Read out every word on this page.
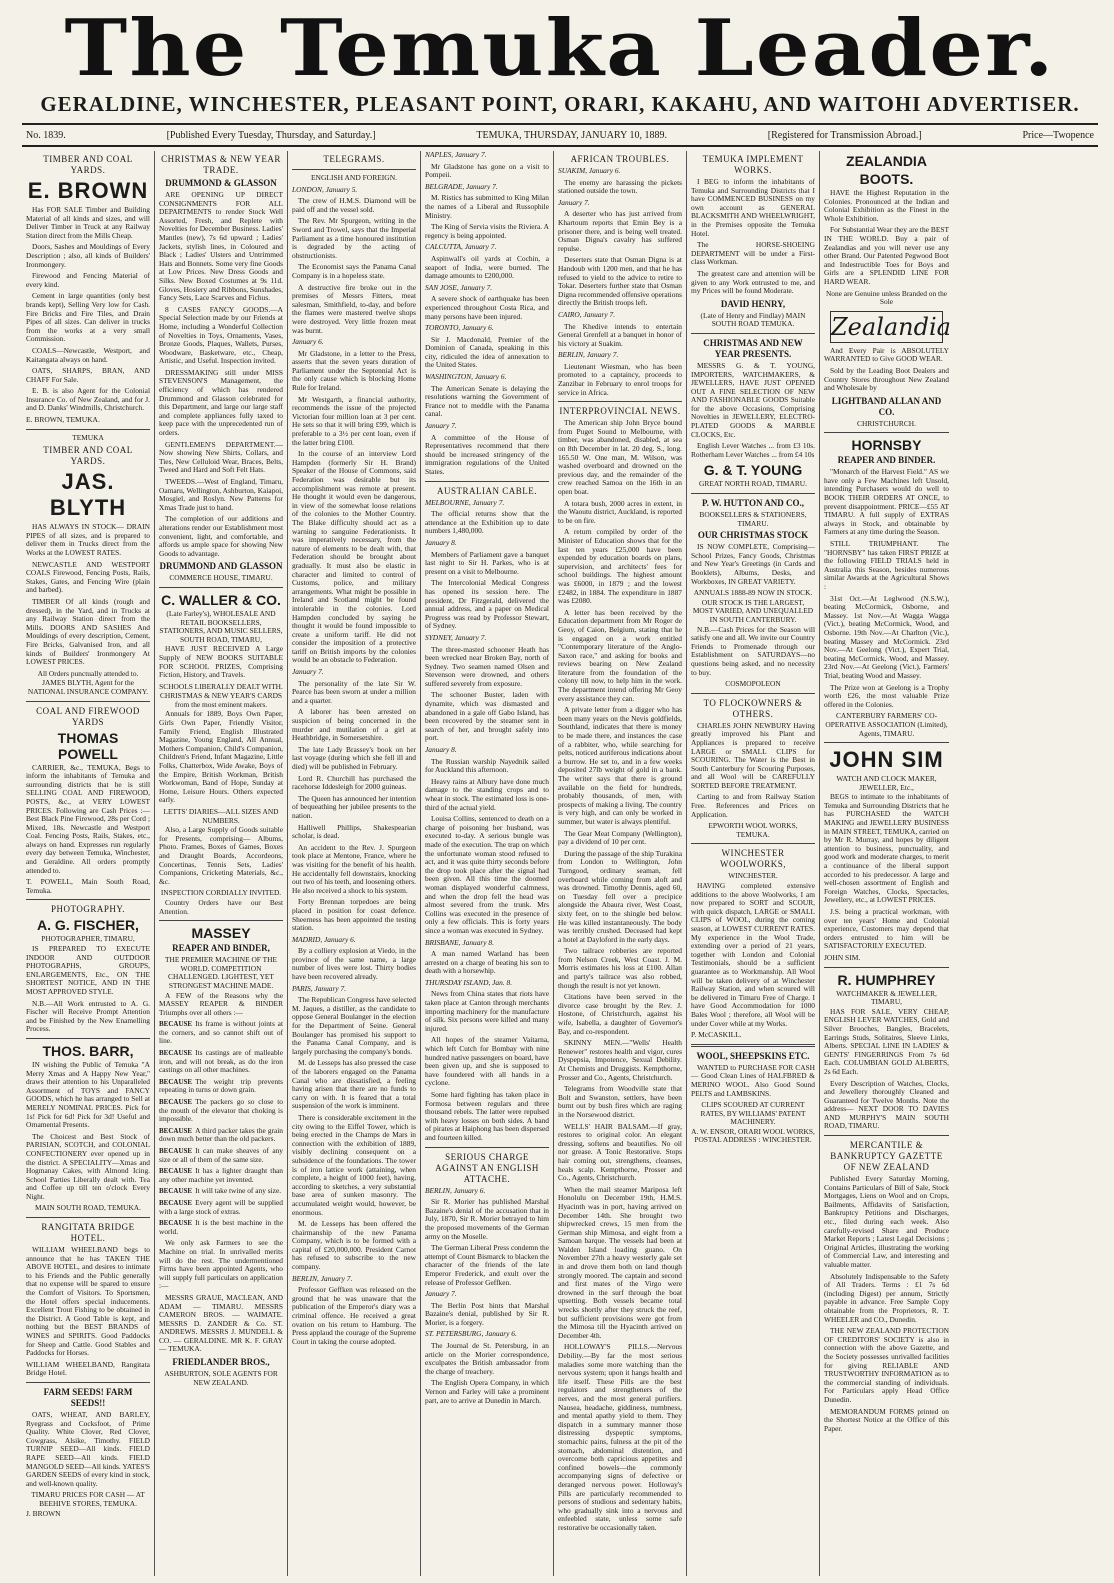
The Temuka Leader.
GERALDINE, WINCHESTER, PLEASANT POINT, ORARI, KAKAHU, AND WAITOHI ADVERTISER.
No. 1839.	[Published Every Tuesday, Thursday, and Saturday.]	TEMUKA, THURSDAY, JANUARY 10, 1889.	[Registered for Transmission Abroad.]	Price—Twopence
TIMBER AND COAL YARDS.
E. BROWN

Has FOR SALE Timber and Building Material of all kinds and sizes, and will Deliver Timber in Truck at any Railway Station direct from the Mills Cheap.

Doors, Sashes and Mouldings of Every Description ; also, all kinds of Builders' Ironmongery.

Firewood and Fencing Material of every kind.

Cement in large quantities (only best brands kept), Selling Very low for Cash. Fire Bricks and Fire Tiles, and Drain Pipes of all sizes. Can deliver in trucks from the works at a very small Commission.

COALS—Newcastle, Westport, and Kaitangata always on hand.

OATS, SHARPS, BRAN, AND CHAFF For Sale.

E. B. is also Agent for the Colonial Insurance Co. of New Zealand, and for J. and D. Danks' Windmills, Christchurch.

E. BROWN, TEMUKA.

TEMUKA

TIMBER AND COAL YARDS.
JAS. BLYTH

HAS ALWAYS IN STOCK— DRAIN PIPES of all sizes, and is prepared to deliver them in Trucks direct from the Works at the LOWEST RATES.

NEWCASTLE AND WESTPORT COALS Firewood, Fencing Posts, Rails, Stakes, Gates, and Fencing Wire (plain and barbed).

TIMBER Of all kinds (rough and dressed), in the Yard, and in Trucks at any Railway Station direct from the Mills. DOORS AND SASHES And Mouldings of every description, Cement, Fire Bricks, Galvanised Iron, and all kinds of Builders' Ironmongery At LOWEST PRICES.

All Orders punctually attended to.

JAMES BLYTH, Agent for the NATIONAL INSURANCE COMPANY.

COAL AND FIREWOOD YARDS
THOMAS POWELL

CARRIER, &c., TEMUKA, Begs to inform the inhabitants of Temuka and surrounding districts that he is still SELLING COAL AND FIREWOOD, POSTS, &c., at VERY LOWEST PRICES. Following are Cash Prices :—Best Black Pine Firewood, 28s per Cord ; Mixed, 18s. Newcastle and Westport Coal. Fencing Posts, Rails, Stakes, etc., always on hand. Expresses run regularly every day between Temuka, Winchester, and Geraldine. All orders promptly attended to.

T. POWELL, Main South Road, Temuka.

PHOTOGRAPHY.
A. G. FISCHER,

PHOTOGRAPHER, TIMARU,

IS PREPARED TO EXECUTE INDOOR AND OUTDOOR PHOTOGRAPHS, GROUPS, ENLARGEMENTS, Etc., ON THE SHORTEST NOTICE, AND IN THE MOST APPROVED STYLE.

N.B.—All Work entrusted to A. G. Fischer will Receive Prompt Attention and be Finished by the New Enamelling Process.

THOS. BARR,

IN wishing the Public of Temuka "A Merry Xmas and A Happy New Year," draws their attention to his Unparalleled Assortment of TOYS and FANCY GOODS, which he has arranged to Sell at MERELY NOMINAL PRICES. Pick for 1s! Pick for 6d! Pick for 3d! Useful and Ornamental Presents.

The Choicest and Best Stock of PARISIAN, SCOTCH, and COLONIAL CONFECTIONERY ever opened up in the district. A SPECIALITY—Xmas and Hogmanay Cakes, with Almond Icing. School Parties Liberally dealt with. Tea and Coffee up till ten o'clock Every Night.

MAIN SOUTH ROAD, TEMUKA.

RANGITATA BRIDGE HOTEL.

WILLIAM WHEELBAND begs to announce that he has TAKEN THE ABOVE HOTEL, and desires to intimate to his Friends and the Public generally that no expense will be spared to ensure the Comfort of Visitors. To Sportsmen, the Hotel offers special inducements. Excellent Trout Fishing to be obtained in the District. A Good Table is kept, and nothing but the BEST BRANDS of WINES and SPIRITS. Good Paddocks for Sheep and Cattle. Good Stables and Paddocks for Horses.

WILLIAM WHEELBAND, Rangitata Bridge Hotel.

FARM SEEDS! FARM SEEDS!!

OATS, WHEAT, AND BARLEY, Ryegrass and Cocksfoot, of Prime Quality. White Clover, Red Clover, Cowgrass, Alsike, Timothy. FIELD TURNIP SEED—All kinds. FIELD RAPE SEED—All kinds. FIELD MANGOLD SEED—All kinds. YATES'S GARDEN SEEDS of every kind in stock, and well-known quality.

TIMARU PRICES FOR CASH — AT BEEHIVE STORES, TEMUKA.

J. BROWN

CHRISTMAS & NEW YEAR TRADE.
DRUMMOND & GLASSON

ARE OPENING UP DIRECT CONSIGNMENTS FOR ALL DEPARTMENTS to render Stock Well Assorted, Fresh, and Replete with Novelties for December Business. Ladies' Mantles (new), 7s 6d upward ; Ladies' Jackets, stylish lines, in Coloured and Black ; Ladies' Ulsters and Untrimmed Hats and Bonnets. Some very fine Goods at Low Prices. New Dress Goods and Silks. New Boxed Costumes at 9s 11d. Gloves, Hosiery and Ribbons, Sunshades, Fancy Sets, Lace Scarves and Fichus.

8 CASES FANCY GOODS.—A Special Selection made by our Friends at Home, including a Wonderful Collection of Novelties in Toys, Ornaments, Vases, Bronze Goods, Plaques, Wallets, Purses, Woodware, Basketware, etc., Cheap, Artistic, and Useful. Inspection invited.

DRESSMAKING still under MISS STEVENSON'S Management, the efficiency of which has rendered Drummond and Glasson celebrated for this Department, and large our large staff and complete appliances fully taxed to keep pace with the unprecedented run of orders.

GENTLEMEN'S DEPARTMENT.—Now showing New Shirts, Collars, and Ties, New Celluloid Wear, Braces, Belts, Tweed and Hard and Soft Felt Hats.

TWEEDS.—West of England, Timaru, Oamaru, Wellington, Ashburton, Kaiapoi, Mosgiel, and Roslyn. New Patterns for Xmas Trade just to hand.

The completion of our additions and alterations render our Establishment most convenient, light, and comfortable, and affords us ample space for showing New Goods to advantage.

DRUMMOND AND GLASSON

COMMERCE HOUSE, TIMARU.

C. WALLER & CO.

(Late Farley's), WHOLESALE AND RETAIL BOOKSELLERS, STATIONERS, AND MUSIC SELLERS, SOUTH ROAD, TIMARU,

HAVE JUST RECEIVED A Large Supply of NEW BOOKS SUITABLE FOR SCHOOL PRIZES, Comprising Fiction, History, and Travels.

SCHOOLS LIBERALLY DEALT WITH.

CHRISTMAS & NEW YEAR'S CARDS from the most eminent makers.

Annuals for 1889, Boys Own Paper, Girls Own Paper, Friendly Visitor, Family Friend, English Illustrated Magazine, Young England, All Annual, Mothers Companion, Child's Companion, Children's Friend, Infant Magazine, Little Folks, Chatterbox, Wide Awake, Boys of the Empire, British Workman, British Workwoman, Band of Hope, Sunday at Home, Leisure Hours. Others expected early.

LETTS' DIARIES—ALL SIZES AND NUMBERS.

Also, a Large Supply of Goods suitable for Presents, comprising— Albums, Photo. Frames, Boxes of Games, Boxes and Draught Boards, Accordeons, Concertinas, Tennis Sets, Ladies' Companions, Cricketing Materials, &c., &c.

INSPECTION CORDIALLY INVITED.

Country Orders have our Best Attention.

MASSEY
REAPER AND BINDER,

THE PREMIER MACHINE OF THE WORLD. COMPETITION CHALLENGED. LIGHTEST, YET STRONGEST MACHINE MADE.

A FEW of the Reasons why the MASSEY REAPER & BINDER Triumphs over all others :—

BECAUSE Its frame is without joints at the corners, and so cannot shift out of line.

BECAUSE Its castings are of malleable iron, and will not break, as do the iron castings on all other machines.

BECAUSE The weight trip prevents repeating in turns or down grain.

BECAUSE The packers go so close to the mouth of the elevator that choking is impossible.

BECAUSE A third packer takes the grain down much better than the old packers.

BECAUSE It can make sheaves of any size or all of them of the same size.

BECAUSE It has a lighter draught than any other machine yet invented.

BECAUSE It will take twine of any size.

BECAUSE Every agent will be supplied with a large stock of extras.

BECAUSE It is the best machine in the world.

We only ask Farmers to see the Machine on trial. In unrivalled merits will do the rest. The undermentioned Firms have been appointed Agents, who will supply full particulars on application :—

MESSRS GRAUE, MACLEAN, AND ADAM — TIMARU. MESSRS CAMERON BROS. — WAIMATE. MESSRS D. ZANDER & Co. ST. ANDREWS. MESSRS J. MUNDELL & CO. — GERALDINE. MR K. F. GRAY — TEMUKA.

FRIEDLANDER BROS.,

ASHBURTON, SOLE AGENTS FOR NEW ZEALAND.

TELEGRAMS.
ENGLISH AND FOREIGN.

LONDON, January 5.

The crew of H.M.S. Diamond will be paid off and the vessel sold.

The Rev. Mr Spurgeon, writing in the Sword and Trowel, says that the Imperial Parliament as a time honoured institution is degraded by the acting of obstructionists.

The Economist says the Panama Canal Company is in a hopeless state.

A destructive fire broke out in the premises of Messrs Fitters, meat salesman, Smithfield, to-day, and before the flames were mastered twelve shops were destroyed. Very little frozen meat was burnt.

January 6.

Mr Gladstone, in a letter to the Press, asserts that the seven years duration of Parliament under the Septennial Act is the only cause which is blocking Home Rule for Ireland.

Mr Westgarth, a financial authority, recommends the issue of the projected Victorian four million loan at 3 per cent. He sets so that it will bring £99, which is preferable to a 3½ per cent loan, even if the latter bring £100.

In the course of an interview Lord Hampden (formerly Sir H. Brand) Speaker of the House of Commons, said Federation was desirable but its accomplishment was remote at present. He thought it would even be dangerous, in view of the somewhat loose relations of the colonies to the Mother Country. The Blake difficulty should act as a warning to sanguine Federationists. It was imperatively necessary, from the nature of elements to be dealt with, that Federation should be brought about gradually. It must also be elastic in character and limited to control of Customs, police, and military arrangements. What might be possible in Ireland and Scotland might be found intolerable in the colonies. Lord Hampden concluded by saying he thought it would be found impossible to create a uniform tariff. He did not consider the imposition of a protective tariff on British imports by the colonies would be an obstacle to Federation.

January 7.

The personality of the late Sir W. Pearce has been sworn at under a million and a quarter.

A laborer has been arrested on suspicion of being concerned in the murder and mutilation of a girl at Heathbridge, in Somersetshire.

The late Lady Brassey's book on her last voyage (during which she fell ill and died) will be published in February.

Lord R. Churchill has purchased the racehorse Iddesleigh for 2000 guineas.

The Queen has announced her intention of bequeathing her jubilee presents to the nation.

Halliwell Phillips, Shakespearian scholar, is dead.

An accident to the Rev. J. Spurgeon took place at Mentone, France, where he was visiting for the benefit of his health. He accidentally fell downstairs, knocking out two of his teeth, and loosening others. He also received a shock to his system.

Forty Brennan torpedoes are being placed in position for coast defence. Sheerness has been appointed the testing station.

MADRID, January 6.

By a colliery explosion at Viedo, in the province of the same name, a large number of lives were lost. Thirty bodies have been recovered already.

PARIS, January 7.

The Republican Congress have selected M. Jaques, a distiller, as the candidate to oppose General Boulanger in the election for the Department of Seine. General Boulanger has promised his support to the Panama Canal Company, and is largely purchasing the company's bonds.

M. de Lesseps has also pressed the case of the laborers engaged on the Panama Canal who are dissatisfied, a feeling having arisen that there are no funds to carry on with. It is feared that a total suspension of the work is imminent.

There is considerable excitement in the city owing to the Eiffel Tower, which is being erected in the Champs de Mars in connection with the exhibition of 1889, visibly declining consequent on a subsidence of the foundations. The tower is of iron lattice work (attaining, when complete, a height of 1000 feet), having, according to sketches, a very substantial base area of sunken masonry. The accumulated weight would, however, be enormous.

M. de Lesseps has been offered the chairmanship of the new Panama Company, which is to be formed with a capital of £20,000,000. President Carnot has refused to subscribe to the new company.

BERLIN, January 7.

Professor Geffken was released on the ground that he was unaware that the publication of the Emperor's diary was a criminal offence. He received a great ovation on his return to Hamburg. The Press applaud the courage of the Supreme Court in taking the course adopted.

NAPLES, January 7.

Mr Gladstone has gone on a visit to Pompeii.

BELGRADE, January 7.

M. Ristics has submitted to King Milan the names of a Liberal and Russophile Ministry.

The King of Servia visits the Riviera. A regency is being appointed.

CALCUTTA, January 7.

Aspinwall's oil yards at Cochin, a seaport of India, were burned. The damage amounts to £200,000.

SAN JOSE, January 7.

A severe shock of earthquake has been experienced throughout Costa Rica, and many persons have been injured.

TORONTO, January 6.

Sir J. Macdonald, Premier of the Dominion of Canada, speaking in this city, ridiculed the idea of annexation to the United States.

WASHINGTON, January 6.

The American Senate is delaying the resolutions warning the Government of France not to meddle with the Panama canal.

January 7.

A committee of the House of Representatives recommend that there should be increased stringency of the immigration regulations of the United States.

AUSTRALIAN CABLE.

MELBOURNE, January 7.

The official returns show that the attendance at the Exhibition up to date numbers 1,480,000.

January 8.

Members of Parliament gave a banquet last night to Sir H. Parkes, who is at present on a visit to Melbourne.

The Intercolonial Medical Congress has opened its session here. The president, Dr Fitzgerald, delivered the annual address, and a paper on Medical Progress was read by Professor Stewart, of Sydney.

SYDNEY, January 7.

The three-masted schooner Heath has been wrecked near Broken Bay, north of Sydney. Two seamen named Olsen and Stevenson were drowned, and others suffered severely from exposure.

The schooner Buster, laden with dynamite, which was dismasted and abandoned in a gale off Gabo Island, has been recovered by the steamer sent in search of her, and brought safely into port.

January 8.

The Russian warship Nayednik sailed for Auckland this afternoon.

Heavy rains at Albury have done much damage to the standing crops and to wheat in stock. The estimated loss is one-third of the actual yield.

Louisa Collins, sentenced to death on a charge of poisoning her husband, was executed to-day. A serious bungle was made of the execution. The trap on which the unfortunate woman stood refused to act, and it was quite thirty seconds before the drop took place after the signal had been given. All this time the doomed woman displayed wonderful calmness, and when the drop fell the head was almost severed from the trunk. Mrs Collins was executed in the presence of only a few officials. This is forty years since a woman was executed in Sydney.

BRISBANE, January 8.

A man named Warland has been arrested on a charge of beating his son to death with a horsewhip.

THURSDAY ISLAND, Jan. 8.

News from China states that riots have taken place at Canton through merchants importing machinery for the manufacture of silk. Six persons were killed and many injured.

All hopes of the steamer Vaitarna, which left Cutch for Bombay with nine hundred native passengers on board, have been given up, and she is supposed to have foundered with all hands in a cyclone.

Some hard fighting has taken place in Formosa between regulars and three thousand rebels. The latter were repulsed with heavy losses on both sides. A band of pirates at Haiphong has been dispersed and fourteen killed.

SERIOUS CHARGE AGAINST AN ENGLISH ATTACHE.

BERLIN, January 6.

Sir R. Morier has published Marshal Bazaine's denial of the accusation that in July, 1870, Sir R. Morier betrayed to him the proposed movements of the German army on the Moselle.

The German Liberal Press condemn the attempt of Count Bismarck to blacken the character of the friends of the late Emperor Frederick, and exult over the release of Professor Geffken.

January 7.

The Berlin Post hints that Marshal Bazaine's denial, published by Sir R. Morier, is a forgery.

ST. PETERSBURG, January 6.

The Journal de St. Petersburg, in an article on the Morier correspondence, exculpates the British ambassador from the charge of treachery.

The English Opera Company, in which Vernon and Farley will take a prominent part, are to arrive at Dunedin in March.

AFRICAN TROUBLES.

SUAKIM, January 6.

The enemy are harassing the pickets stationed outside the town.

January 7.

A deserter who has just arrived from Khartoum reports that Emin Bey is a prisoner there, and is being well treated. Osman Digna's cavalry has suffered repulse.

Deserters state that Osman Digna is at Handoub with 1200 men, and that he has refused to yield to the advice to retire to Tokar. Deserters further state that Osman Digna recommended offensive operations directly the British troops left.

CAIRO, January 7.

The Khedive intends to entertain General Grenfell at a banquet in honor of his victory at Suakim.

BERLIN, January 7.

Lieutenant Wiesman, who has been promoted to a captaincy, proceeds to Zanzibar in February to enrol troops for service in Africa.

INTERPROVINCIAL NEWS.

The American ship John Bryce bound from Puget Sound to Melbourne, with timber, was abandoned, disabled, at sea on 8th December in lat. 20 deg. S., long. 165.50 W. One man, M. Wilson, was washed overboard and drowned on the previous day, and the remainder of the crew reached Samoa on the 16th in an open boat.

A totara bush, 2000 acres in extent, in the Waoutu district, Auckland, is reported to be on fire.

A return compiled by order of the Minister of Education shows that for the last ten years £25,000 have been expended by education boards on plans, supervision, and architects' fees for school buildings. The highest amount was £6000, in 1879 ; and the lowest £2482, in 1884. The expenditure in 1887 was £2080.

A letter has been received by the Education department from Mr Roger de Geoy, of Caion, Belgium, stating that he is engaged on a work entitled "Contemporary literature of the Anglo-Saxon race," and asking for books and reviews bearing on New Zealand literature from the foundation of the colony till now, to help him in the work. The department intend offering Mr Geoy every assistance they can.

A private letter from a digger who has been many years on the Nevis goldfields, Southland, indicates that there is money to be made there, and instances the case of a rabbiter, who, while searching for pelts, noticed auriferous indications about a burrow. He set to, and in a few weeks deposited 27lb weight of gold in a bank. The writer says that there is ground available on the field for hundreds, probably thousands, of men, with prospects of making a living. The country is very high, and can only be worked in summer, but water is always plentiful.

The Gear Meat Company (Wellington), pay a dividend of 10 per cent.

During the passage of the ship Turakina from London to Wellington, John Turngood, ordinary seaman, fell overboard while coming from aloft and was drowned. Timothy Dennis, aged 60, on Tuesday fell over a precipice alongside the Abaura river, West Coast, sixty feet, on to the shingle bed below. He was killed instantaneously. The body was terribly crushed. Deceased had kept a hotel at Dayloford in the early days.

Two tailrace robberies are reported from Nelson Creek, West Coast. J. M. Morris estimates his loss at £100. Allan and party's tailrace was also robbed, though the result is not yet known.

Citations have been served in the divorce case brought by the Rev. J. Hostone, of Christchurch, against his wife, Isabella, a daughter of Governor's Bay, and co-respondent.

SKINNY MEN.—"Wells' Health Renewer" restores health and vigor, cures Dyspepsia, Impotence, Sexual Debility. At Chemists and Druggists. Kempthorne, Prosser and Co., Agents, Christchurch.

Telegrams from Woodville state that Bolt and Swanston, settlers, have been burnt out by bush fires which are raging in the Norsewood district.

WELLS' HAIR BALSAM.—If gray, restores to original color. An elegant dressing, softens and beautifies. No oil nor grease. A Tonic Restorative. Stops hair coming out, strengthens, cleanses, heals scalp. Kempthorne, Prosser and Co., Agents, Christchurch.

When the mail steamer Mariposa left Honolulu on December 19th, H.M.S. Hyacinth was in port, having arrived on December 14th. She brought two shipwrecked crews, 15 men from the German ship Mimosa, and eight from a Samoan barque. The vessels had been at Walden Island loading guano. On November 27th a heavy westerly gale set in and drove them both on land though strongly moored. The captain and second and first mates of the Virgo were drowned in the surf through the boat upsetting. Both vessels became total wrecks shortly after they struck the reef, but sufficient provisions were got from the Mimosa till the Hyacinth arrived on December 4th.

HOLLOWAY'S PILLS.—Nervous Debility.—By far the most serious maladies some more watching than the nervous system; upon it hangs health and life itself. These Pills are the best regulators and strengtheners of the nerves, and the most general purifiers. Nausea, headache, giddiness, numbness, and mental apathy yield to them. They dispatch in a summary manner those distressing dyspeptic symptoms, stomachic pains, fulness at the pit of the stomach, abdominal distention, and overcome both capricious appetites and confined bowels—the commonly accompanying signs of defective or deranged nervous power. Holloway's Pills are particularly recommended to persons of studious and sedentary habits, who gradually sink into a nervous and enfeebled state, unless some safe restorative be occasionally taken.

TEMUKA IMPLEMENT WORKS.

I BEG to inform the inhabitants of Temuka and Surrounding Districts that I have COMMENCED BUSINESS on my own account as GENERAL BLACKSMITH AND WHEELWRIGHT, in the Premises opposite the Temuka Hotel.

The HORSE-SHOEING DEPARTMENT will be under a First-class Workman.

The greatest care and attention will be given to any Work entrusted to me, and my Prices will be found Moderate.

DAVID HENRY,

(Late of Henry and Findlay) MAIN SOUTH ROAD TEMUKA.

CHRISTMAS AND NEW YEAR PRESENTS.

MESSRS G. & T. YOUNG, IMPORTERS, WATCHMAKERS, & JEWELLERS, HAVE JUST OPENED OUT A FINE SELECTION OF NEW AND FASHIONABLE GOODS Suitable for the above Occasions, Comprising Novelties in JEWELLERY, ELECTRO-PLATED GOODS & MARBLE CLOCKS, Etc.

English Lever Watches ... from £3 10s. Rotherham Lever Watches ... from £4 10s

G. & T. YOUNG

GREAT NORTH ROAD, TIMARU.

P. W. HUTTON AND CO.,

BOOKSELLERS & STATIONERS, TIMARU.

OUR CHRISTMAS STOCK

IS NOW COMPLETE, Comprising— School Prizes, Fancy Goods, Christmas and New Year's Greetings (in Cards and Booklets), Albums, Desks, and Workboxes, IN GREAT VARIETY.

ANNUALS 1888-89 NOW IN STOCK.

OUR STOCK IS THE LARGEST, MOST VARIED, AND UNEQUALLED IN SOUTH CANTERBURY.

N.B.—Cash Prices for the Season will satisfy one and all. We invite our Country Friends to Promenade through our Establishment on SATURDAYS—no questions being asked, and no necessity to buy.

COSMOPOLEON

TO FLOCKOWNERS & OTHERS.

CHARLES JOHN NEWBURY Having greatly improved his Plant and Appliances is prepared to receive LARGE or SMALL CLIPS for SCOURING. The Water is the Best in South Canterbury for Scouring Purposes, and all Wool will be CAREFULLY SORTED BEFORE TREATMENT.

Carting to and from Railway Station Free. References and Prices on Application.

EPWORTH WOOL WORKS, TEMUKA.

WINCHESTER WOOLWORKS,

WINCHESTER.

HAVING completed extensive additions to the above Woolworks, I am now prepared to SORT and SCOUR, with quick dispatch, LARGE or SMALL CLIPS of WOOL, during the coming season, at LOWEST CURRENT RATES. My experience in the Wool Trade, extending over a period of 21 years, together with London and Colonial Testimonials, should be a sufficient guarantee as to Workmanship. All Wool will be taken delivery of at Winchester Railway Station, and when scoured will be delivered in Timaru Free of Charge. I have Good Accommodation for 1000 Bales Wool ; therefore, all Wool will be under Cover while at my Works.

P. McCASKILL.

WOOL, SHEEPSKINS ETC.

WANTED to PURCHASE FOR CASH — Good Clean Lines of HALFBRED & MERINO WOOL. Also Good Sound PELTS and LAMBSKINS.

CLIPS SCOURED AT CURRENT RATES, BY WILLIAMS' PATENT MACHINERY.

A. W. ENSOR, ORARI WOOL WORKS, POSTAL ADDRESS : WINCHESTER.

ZEALANDIA
BOOTS.

HAVE the Highest Reputation in the Colonies. Pronounced at the Indian and Colonial Exhibition as the Finest in the Whole Exhibition.

For Substantial Wear they are the BEST IN THE WORLD. Buy a pair of Zealandias and you will never use any other Brand. Our Patented Pegwood Boot and Indestructible Toes for Boys and Girls are a SPLENDID LINE FOR HARD WEAR.

None are Genuine unless Branded on the Sole

Zealandia

And Every Pair is ABSOLUTELY WARRANTED to Give GOOD WEAR.

Sold by the Leading Boot Dealers and Country Stores throughout New Zealand and Wholesale by

LIGHTBAND ALLAN AND CO.

CHRISTCHURCH.

HORNSBY
REAPER AND BINDER.

"Monarch of the Harvest Field." AS we have only a Few Machines left Unsold, intending Purchasers would do well to BOOK THEIR ORDERS AT ONCE, to prevent disappointment. PRICE—£55 AT TIMARU. A full supply of EXTRAS always in Stock, and obtainable by Farmers at any time during the Season.

STILL TRIUMPHANT. The "HORNSBY" has taken FIRST PRIZE at the following FIELD TRIALS held in Australia this Season, besides numerous similar Awards at the Agricultural Shows :

31st Oct.—At Leglwood (N.S.W.), beating McCormick, Osborne, and Massey. 1st Nov.—At Wagga Wagga (Vict.), beating McCormick, Wood, and Osborne. 19th Nov.—At Charlton (Vic.), beating Massey and McCormick. 23rd Nov.—At Geelong (Vict.), Expert Trial, beating McCormick, Wood, and Massey. 23rd Nov.—At Geelong (Vict.), Farmers' Trial, beating Wood and Massey.

The Prize won at Geelong is a Trophy worth £26, the most valuable Prize offered in the Colonies.

CANTERBURY FARMERS' CO-OPERATIVE ASSOCIATION (Limited), Agents, TIMARU.

JOHN SIM

WATCH AND CLOCK MAKER, JEWELLER, Etc.,

BEGS to intimate to the inhabitants of Temuka and Surrounding Districts that he has PURCHASED the WATCH MAKING and JEWELLERY BUSINESS in MAIN STREET, TEMUKA, carried on by Mr R. Murray, and hopes by diligent attention to business, punctuality, and good work and moderate charges, to merit a continuance of the liberal support accorded to his predecessor. A large and well-chosen assortment of English and Foreign Watches, Clocks, Spectacles, Jewellery, etc., at LOWEST PRICES.

J.S. being a practical workman, with over ten years' Home and Colonial experience, Customers may depend that orders entrusted to him will be SATISFACTORILY EXECUTED.

JOHN SIM.

R. HUMPHREY

WATCHMAKER & JEWELLER, TIMARU,

HAS FOR SALE, VERY CHEAP, ENGLISH LEVER WATCHES, Gold and Silver Brooches, Bangles, Bracelets, Earrings Studs, Solitaires, Sleeve Links, Alberts. SPECIAL LINE IN LADIES' & GENTS' FINGERRINGS From 7s 6d Each. COLUMBIAN GOLD ALBERTS, 2s 6d Each.

Every Description of Watches, Clocks, and Jewellery thoroughly Cleaned and Guaranteed for Twelve Months. Note the address— NEXT DOOR TO DAVIES AND MURPHY'S MAIN SOUTH ROAD, TIMARU.

MERCANTILE & BANKRUPTCY GAZETTE OF NEW ZEALAND

Published Every Saturday Morning, Contains Particulars of Bill of Sale, Stock Mortgages, Liens on Wool and on Crops, Bailments, Affidavits of Satisfaction, Bankruptcy Petitions and Discharges, etc., filed during each week. Also carefully-revised Share and Produce Market Reports ; Latest Legal Decisions ; Original Articles, illustrating the working of Commercial Law, and interesting and valuable matter.

Absolutely Indispensable to the Safety of All Traders. Terms : £1 7s 6d (including Digest) per annum, Strictly payable in advance. Free Sample Copy obtainable from the Proprietors, R. T. WHEELER and CO., Dunedin.

THE NEW ZEALAND PROTECTION OF CREDITORS' SOCIETY is also in connection with the above Gazette, and the Society possesses unrivalled facilities for giving RELIABLE AND TRUSTWORTHY INFORMATION as to the commercial standing of individuals. For Particulars apply Head Office Dunedin.

MEMORANDUM FORMS printed on the Shortest Notice at the Office of this Paper.
